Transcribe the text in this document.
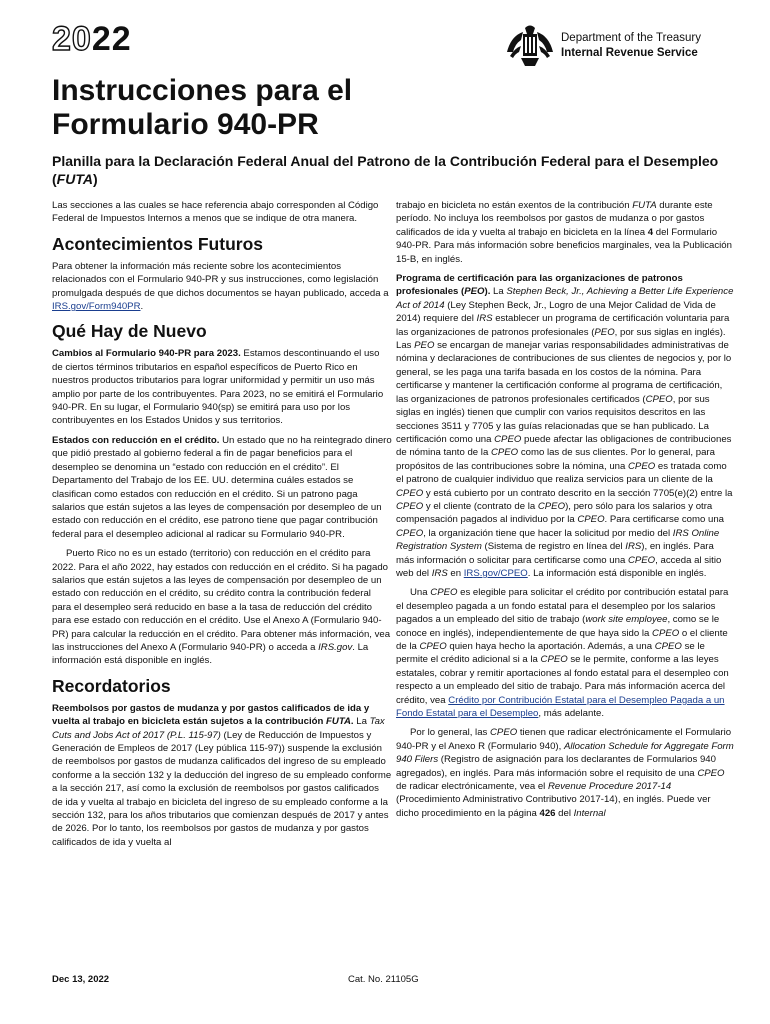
2022	Department of the Treasury
Internal Revenue Service
Instrucciones para el Formulario 940-PR
Planilla para la Declaración Federal Anual del Patrono de la Contribución Federal para el Desempleo (FUTA)

Las secciones a las cuales se hace referencia abajo corresponden al Código Federal de Impuestos Internos a menos que se indique de otra manera.

Acontecimientos Futuros

Para obtener la información más reciente sobre los acontecimientos relacionados con el Formulario 940-PR y sus instrucciones, como legislación promulgada después de que dichos documentos se hayan publicado, acceda a IRS.gov/Form940PR.

Qué Hay de Nuevo

Cambios al Formulario 940-PR para 2023. Estamos descontinuando el uso de ciertos términos tributarios en español específicos de Puerto Rico en nuestros productos tributarios para lograr uniformidad y permitir un uso más amplio por parte de los contribuyentes. Para 2023, no se emitirá el Formulario 940-PR. En su lugar, el Formulario 940(sp) se emitirá para uso por los contribuyentes en los Estados Unidos y sus territorios.

Estados con reducción en el crédito. Un estado que no ha reintegrado dinero que pidió prestado al gobierno federal a fin de pagar beneficios para el desempleo se denomina un “estado con reducción en el crédito”. El Departamento del Trabajo de los EE. UU. determina cuáles estados se clasifican como estados con reducción en el crédito. Si un patrono paga salarios que están sujetos a las leyes de compensación por desempleo de un estado con reducción en el crédito, ese patrono tiene que pagar contribución federal para el desempleo adicional al radicar su Formulario 940-PR.

Puerto Rico no es un estado (territorio) con reducción en el crédito para 2022. Para el año 2022, hay estados con reducción en el crédito. Si ha pagado salarios que están sujetos a las leyes de compensación por desempleo de un estado con reducción en el crédito, su crédito contra la contribución federal para el desempleo será reducido en base a la tasa de reducción del crédito para ese estado con reducción en el crédito. Use el Anexo A (Formulario 940-PR) para calcular la reducción en el crédito. Para obtener más información, vea las instrucciones del Anexo A (Formulario 940-PR) o acceda a IRS.gov. La información está disponible en inglés.

Recordatorios

Reembolsos por gastos de mudanza y por gastos calificados de ida y vuelta al trabajo en bicicleta están sujetos a la contribución FUTA. La Tax Cuts and Jobs Act of 2017 (P.L. 115-97) (Ley de Reducción de Impuestos y Generación de Empleos de 2017 (Ley pública 115-97)) suspende la exclusión de reembolsos por gastos de mudanza calificados del ingreso de su empleado conforme a la sección 132 y la deducción del ingreso de su empleado conforme a la sección 217, así como la exclusión de reembolsos por gastos calificados de ida y vuelta al trabajo en bicicleta del ingreso de su empleado conforme a la sección 132, para los años tributarios que comienzan después de 2017 y antes de 2026. Por lo tanto, los reembolsos por gastos de mudanza y por gastos calificados de ida y vuelta al

trabajo en bicicleta no están exentos de la contribución FUTA durante este período. No incluya los reembolsos por gastos de mudanza o por gastos calificados de ida y vuelta al trabajo en bicicleta en la línea 4 del Formulario 940-PR. Para más información sobre beneficios marginales, vea la Publicación 15-B, en inglés.

Programa de certificación para las organizaciones de patronos profesionales (PEO). La Stephen Beck, Jr., Achieving a Better Life Experience Act of 2014 (Ley Stephen Beck, Jr., Logro de una Mejor Calidad de Vida de 2014) requiere del IRS establecer un programa de certificación voluntaria para las organizaciones de patronos profesionales (PEO, por sus siglas en inglés). Las PEO se encargan de manejar varias responsabilidades administrativas de nómina y declaraciones de contribuciones de sus clientes de negocios y, por lo general, se les paga una tarifa basada en los costos de la nómina. Para certificarse y mantener la certificación conforme al programa de certificación, las organizaciones de patronos profesionales certificados (CPEO, por sus siglas en inglés) tienen que cumplir con varios requisitos descritos en las secciones 3511 y 7705 y las guías relacionadas que se han publicado. La certificación como una CPEO puede afectar las obligaciones de contribuciones de nómina tanto de la CPEO como las de sus clientes. Por lo general, para propósitos de las contribuciones sobre la nómina, una CPEO es tratada como el patrono de cualquier individuo que realiza servicios para un cliente de la CPEO y está cubierto por un contrato descrito en la sección 7705(e)(2) entre la CPEO y el cliente (contrato de la CPEO), pero sólo para los salarios y otra compensación pagados al individuo por la CPEO. Para certificarse como una CPEO, la organización tiene que hacer la solicitud por medio del IRS Online Registration System (Sistema de registro en línea del IRS), en inglés. Para más información o solicitar para certificarse como una CPEO, acceda al sitio web del IRS en IRS.gov/CPEO. La información está disponible en inglés.

Una CPEO es elegible para solicitar el crédito por contribución estatal para el desempleo pagada a un fondo estatal para el desempleo por los salarios pagados a un empleado del sitio de trabajo (work site employee, como se le conoce en inglés), independientemente de que haya sido la CPEO o el cliente de la CPEO quien haya hecho la aportación. Además, a una CPEO se le permite el crédito adicional si a la CPEO se le permite, conforme a las leyes estatales, cobrar y remitir aportaciones al fondo estatal para el desempleo con respecto a un empleado del sitio de trabajo. Para más información acerca del crédito, vea Crédito por Contribución Estatal para el Desempleo Pagada a un Fondo Estatal para el Desempleo, más adelante.

Por lo general, las CPEO tienen que radicar electrónicamente el Formulario 940-PR y el Anexo R (Formulario 940), Allocation Schedule for Aggregate Form 940 Filers (Registro de asignación para los declarantes de Formularios 940 agregados), en inglés. Para más información sobre el requisito de una CPEO de radicar electrónicamente, vea el Revenue Procedure 2017-14 (Procedimiento Administrativo Contributivo 2017-14), en inglés. Puede ver dicho procedimiento en la página 426 del Internal

Dec 13, 2022	Cat. No. 21105G
